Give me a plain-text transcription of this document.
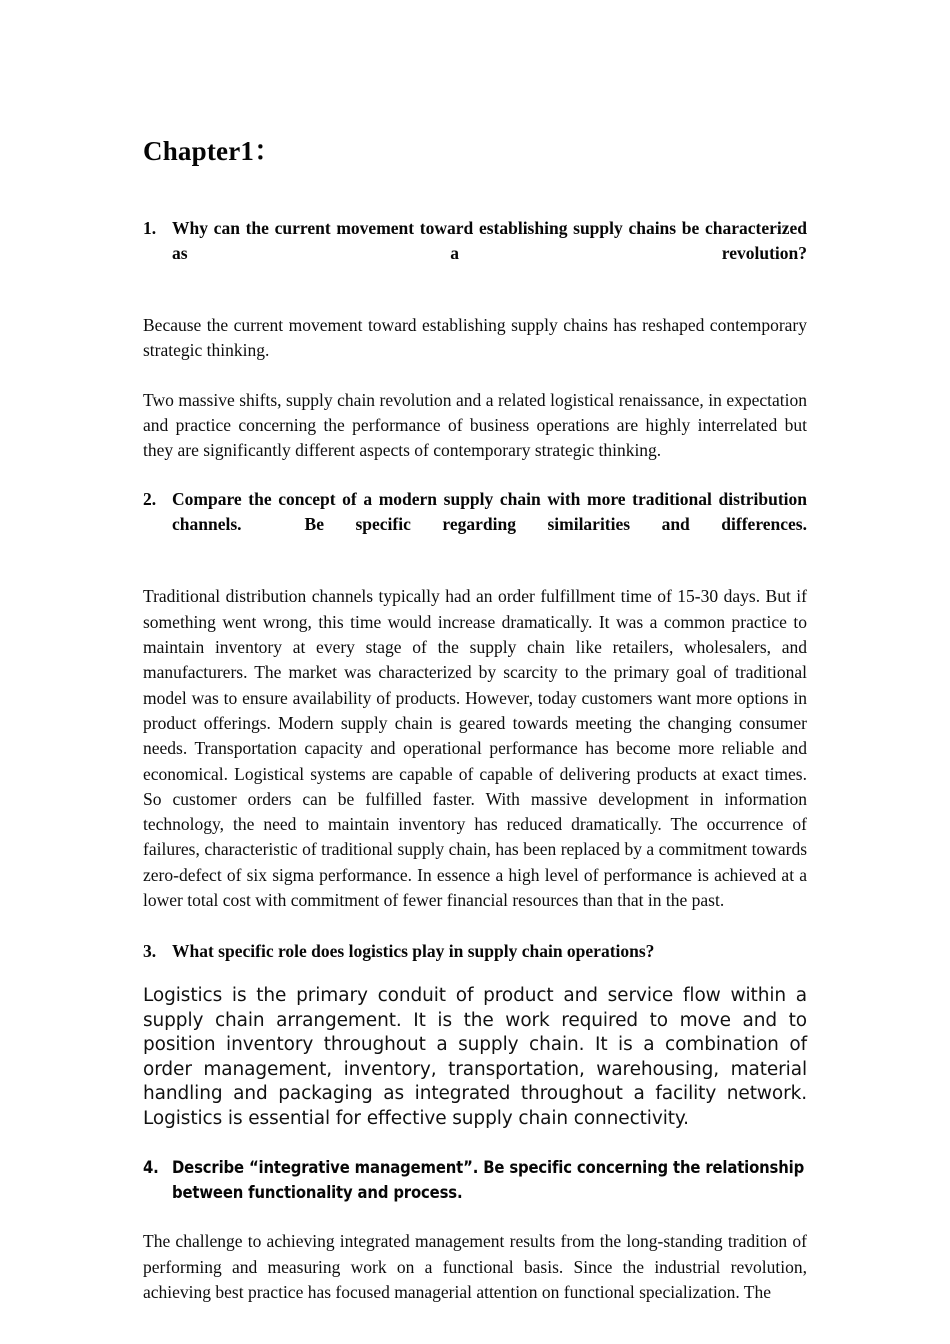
Chapter1：
1. Why can the current movement toward establishing supply chains be characterized as a revolution?

Because the current movement toward establishing supply chains has reshaped contemporary strategic thinking.

Two massive shifts, supply chain revolution and a related logistical renaissance, in expectation and practice concerning the performance of business operations are highly interrelated but they are significantly different aspects of contemporary strategic thinking.

2. Compare the concept of a modern supply chain with more traditional distribution channels.  Be specific regarding similarities and differences.

Traditional distribution channels typically had an order fulfillment time of 15-30 days. But if something went wrong, this time would increase dramatically. It was a common practice to maintain inventory at every stage of the supply chain like retailers, wholesalers, and manufacturers. The market was characterized by scarcity to the primary goal of traditional model was to ensure availability of products. However, today customers want more options in product offerings. Modern supply chain is geared towards meeting the changing consumer needs. Transportation capacity and operational performance has become more reliable and economical. Logistical systems are capable of capable of delivering products at exact times. So customer orders can be fulfilled faster. With massive development in information technology, the need to maintain inventory has reduced dramatically. The occurrence of failures, characteristic of traditional supply chain, has been replaced by a commitment towards zero-defect of six sigma performance. In essence a high level of performance is achieved at a lower total cost with commitment of fewer financial resources than that in the past.

3. What specific role does logistics play in supply chain operations?

Logistics is the primary conduit of product and service flow within a supply chain arrangement. It is the work required to move and to position inventory throughout a supply chain. It is a combination of order management, inventory, transportation, warehousing, material handling and packaging as integrated throughout a facility network. Logistics is essential for effective supply chain connectivity.

4. Describe “integrative management”. Be specific concerning the relationship between functionality and process.

The challenge to achieving integrated management results from the long-standing tradition of performing and measuring work on a functional basis. Since the industrial revolution, achieving best practice has focused managerial attention on functional specialization. The
